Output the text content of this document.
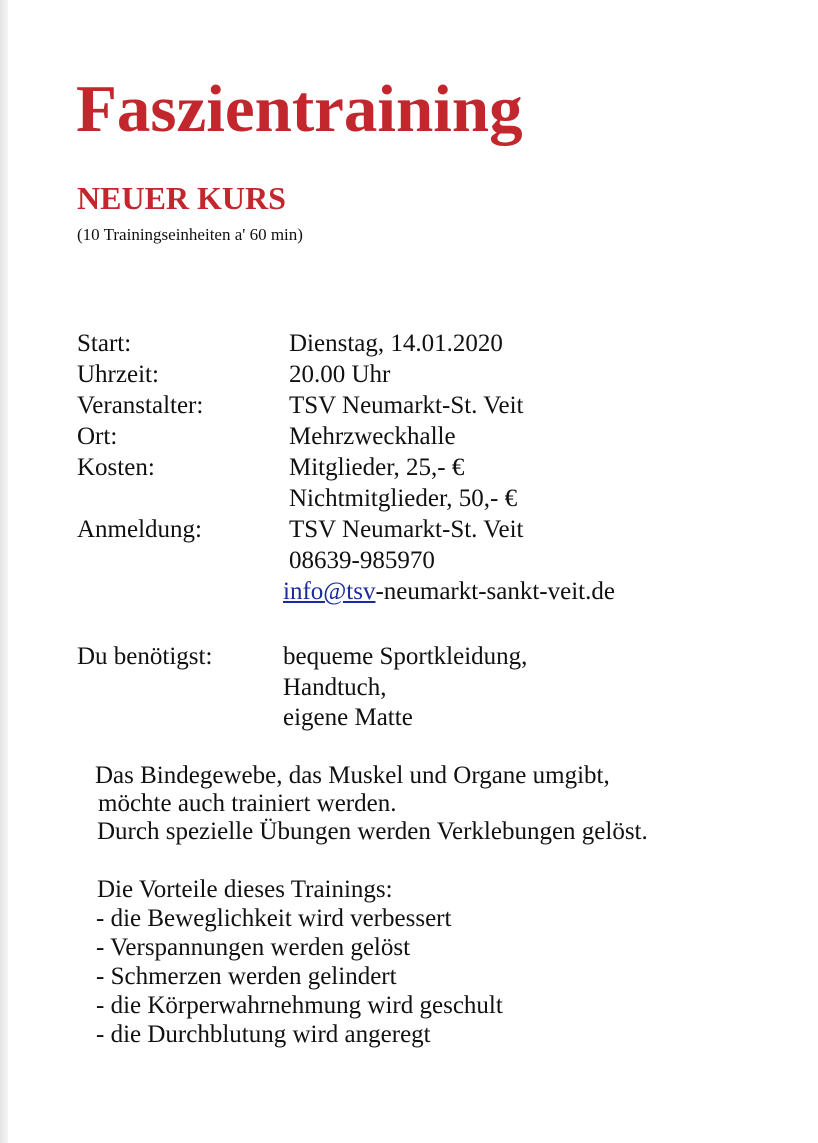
Faszientraining
NEUER KURS
(10 Trainingseinheiten a' 60 min)
Start:	Dienstag, 14.01.2020
Uhrzeit:	20.00 Uhr
Veranstalter:	TSV Neumarkt-St. Veit
Ort:	Mehrzweckhalle
Kosten:	Mitglieder, 25,- €
Nichtmitglieder, 50,- €
Anmeldung:	TSV Neumarkt-St. Veit
08639-985970
info@tsv-neumarkt-sankt-veit.de
Du benötigst:	bequeme Sportkleidung,
Handtuch,
eigene Matte
Das Bindegewebe, das Muskel und Organe umgibt,
möchte auch trainiert werden.
Durch spezielle Übungen werden Verklebungen gelöst.
Die Vorteile dieses Trainings:
- die Beweglichkeit wird verbessert
- Verspannungen werden gelöst
- Schmerzen werden gelindert
- die Körperwahrnehmung wird geschult
- die Durchblutung wird angeregt
